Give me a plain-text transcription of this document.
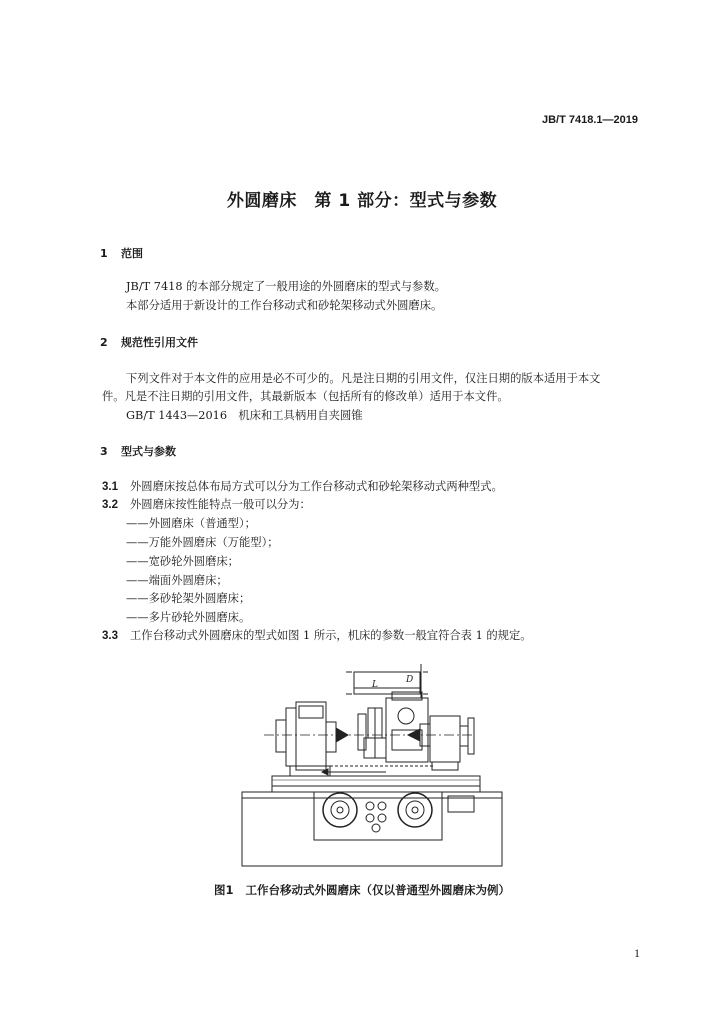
JB/T 7418.1—2019
外圆磨床　第 1 部分：型式与参数
1 范围
JB/T 7418 的本部分规定了一般用途的外圆磨床的型式与参数。
本部分适用于新设计的工作台移动式和砂轮架移动式外圆磨床。
2 规范性引用文件
下列文件对于本文件的应用是必不可少的。凡是注日期的引用文件，仅注日期的版本适用于本文
件。凡是不注日期的引用文件，其最新版本（包括所有的修改单）适用于本文件。
GB/T 1443—2016　机床和工具柄用自夹圆锥
3 型式与参数
3.1 外圆磨床按总体布局方式可以分为工作台移动式和砂轮架移动式两种型式。
3.2 外圆磨床按性能特点一般可以分为：
——外圆磨床（普通型）；
——万能外圆磨床（万能型）；
——宽砂轮外圆磨床；
——端面外圆磨床；
——多砂轮架外圆磨床；
——多片砂轮外圆磨床。
3.3 工作台移动式外圆磨床的型式如图 1 所示，机床的参数一般宜符合表 1 的规定。
D
L
图1 工作台移动式外圆磨床（仅以普通型外圆磨床为例）
1
